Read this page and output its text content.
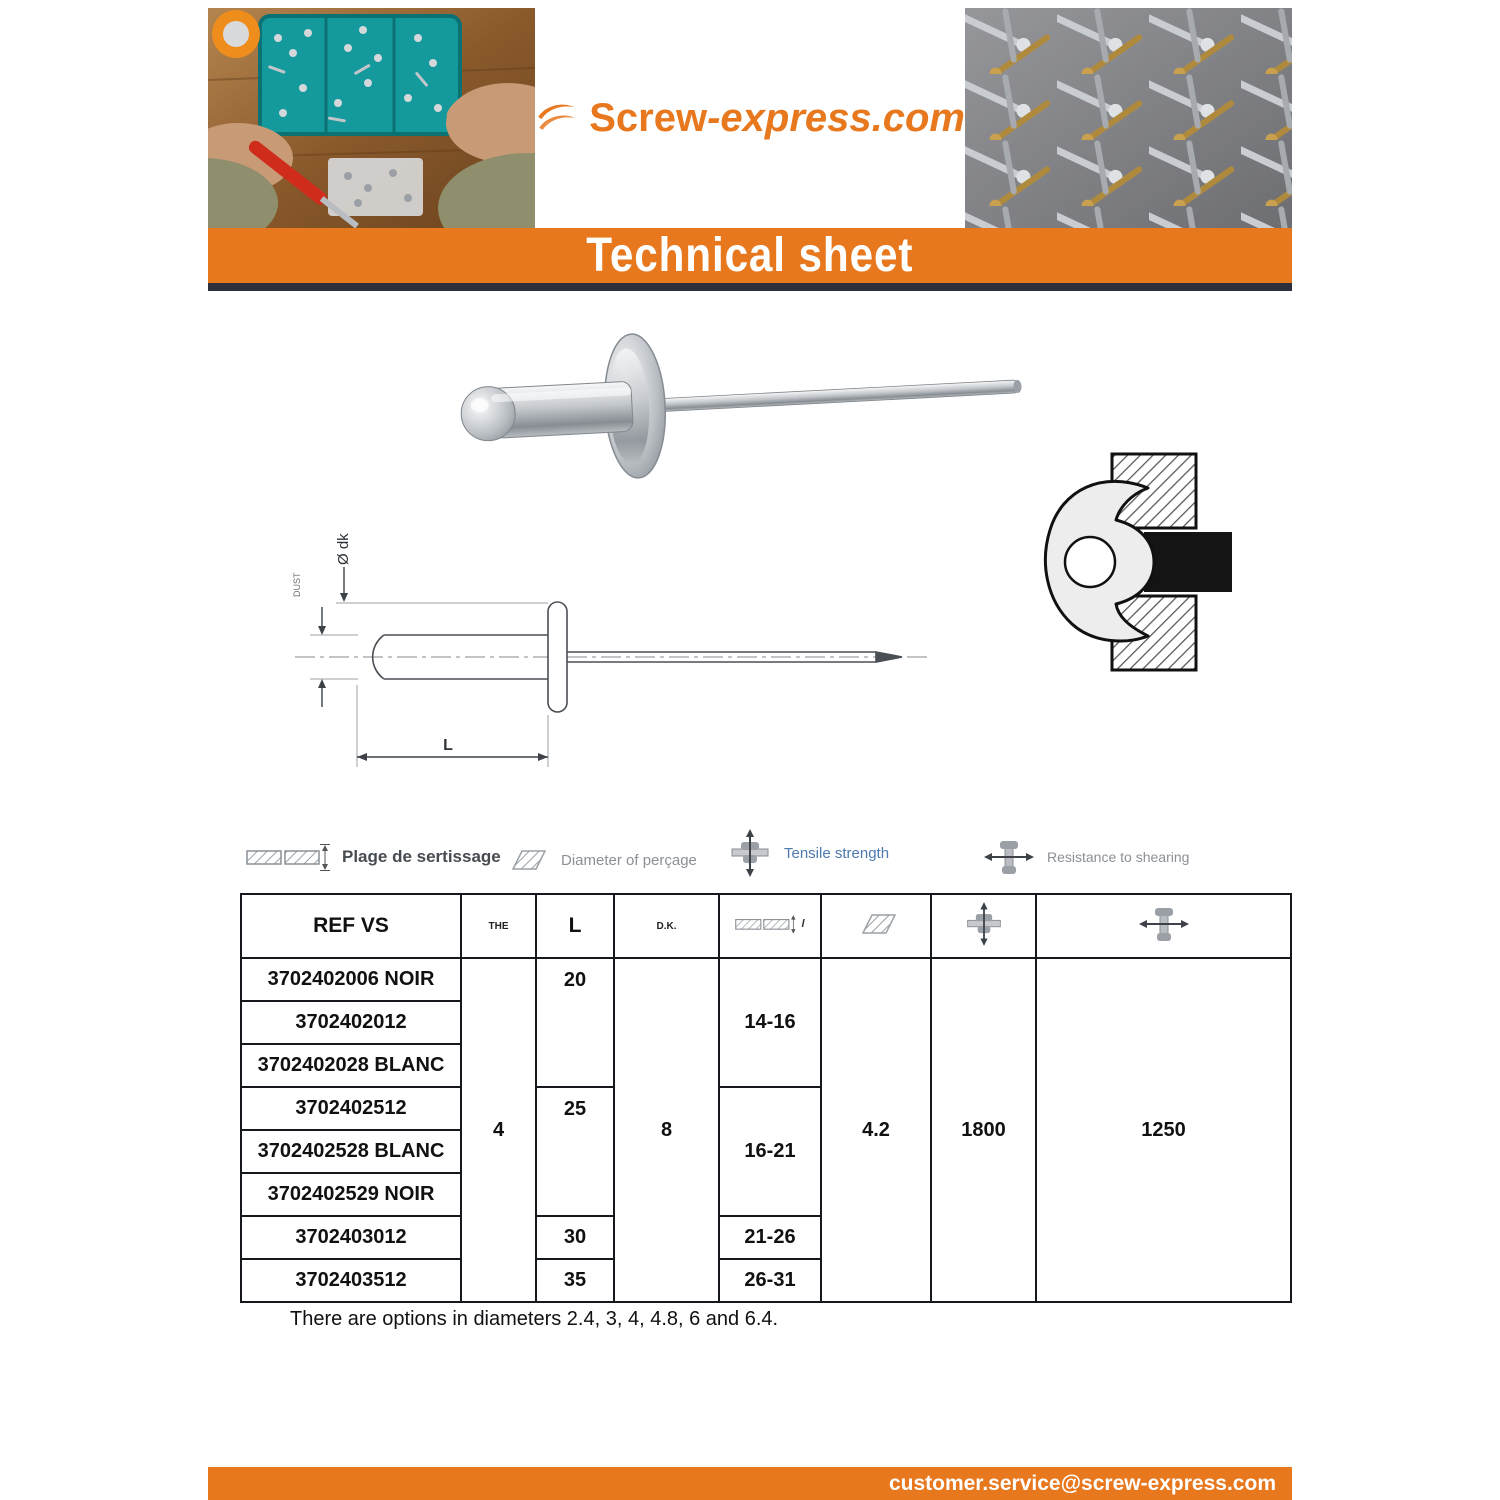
Screw-express.com
Technical sheet
Ø dk
DUST
L
Plage de sertissage	Diameter of perçage	Tensile strength	Resistance to shearing
REF VS	THE	L	D.K.	l

3702402006 NOIR	4	20	8	14-16	4.2	1800	1250
3702402012							
3702402028 BLANC							
3702402512		25		16-21			
3702402528 BLANC							
3702402529 NOIR							
3702403012		30		21-26			
3702403512		35		26-31			
There are options in diameters 2.4, 3, 4, 4.8, 6 and 6.4.
customer.service@screw-express.com
